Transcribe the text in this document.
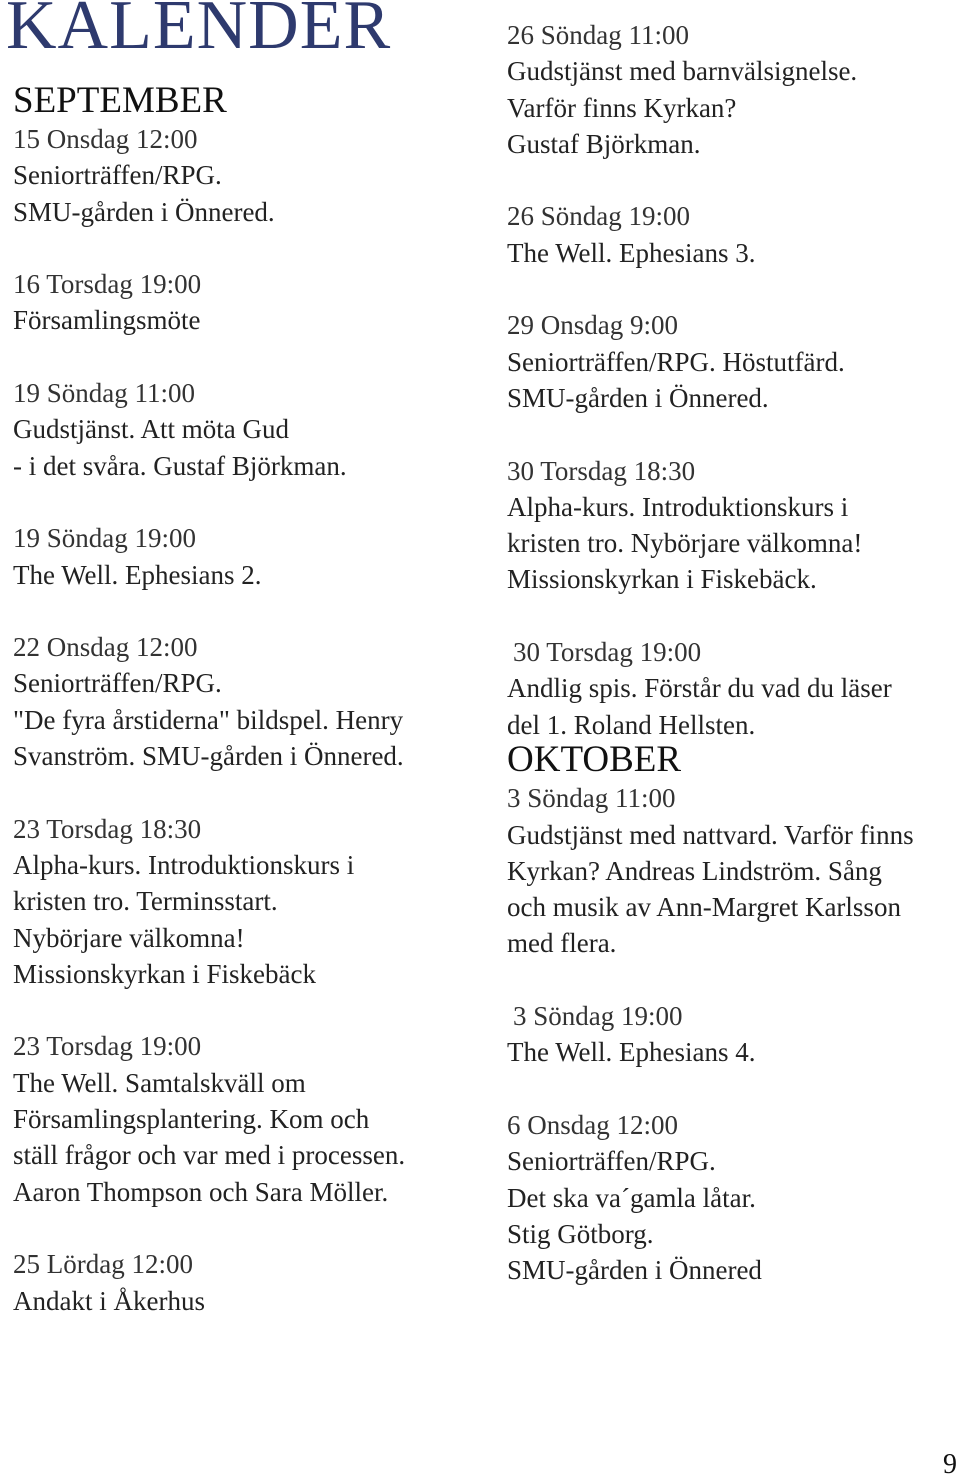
KALENDER
SEPTEMBER
15 Onsdag 12:00
Seniorträffen/RPG.
SMU-gården i Önnered.
16 Torsdag 19:00
Församlingsmöte
19 Söndag 11:00
Gudstjänst. Att möta Gud
- i det svåra. Gustaf Björkman.
19 Söndag 19:00
The Well. Ephesians 2.
22 Onsdag 12:00
Seniorträffen/RPG.
"De fyra årstiderna" bildspel. Henry
Svanström. SMU-gården i Önnered.
23 Torsdag 18:30
Alpha-kurs. Introduktionskurs i
kristen tro. Terminsstart.
Nybörjare välkomna!
Missionskyrkan i Fiskebäck
23 Torsdag 19:00
The Well. Samtalskväll om
Församlingsplantering. Kom och
ställ frågor och var med i processen.
Aaron Thompson och Sara Möller.
25 Lördag 12:00
Andakt i Åkerhus
26 Söndag 11:00
Gudstjänst med barnvälsignelse.
Varför finns Kyrkan?
Gustaf Björkman.
26 Söndag 19:00
The Well. Ephesians 3.
29 Onsdag 9:00
Seniorträffen/RPG. Höstutfärd.
SMU-gården i Önnered.
30 Torsdag 18:30
Alpha-kurs. Introduktionskurs i
kristen tro. Nybörjare välkomna!
Missionskyrkan i Fiskebäck.
30 Torsdag 19:00
Andlig spis. Förstår du vad du läser
del 1. Roland Hellsten.
OKTOBER
3 Söndag 11:00
Gudstjänst med nattvard. Varför finns
Kyrkan? Andreas Lindström. Sång
och musik av Ann-Margret Karlsson
med flera.
3 Söndag 19:00
The Well. Ephesians 4.
6 Onsdag 12:00
Seniorträffen/RPG.
Det ska va´gamla låtar.
Stig Götborg.
SMU-gården i Önnered
9
